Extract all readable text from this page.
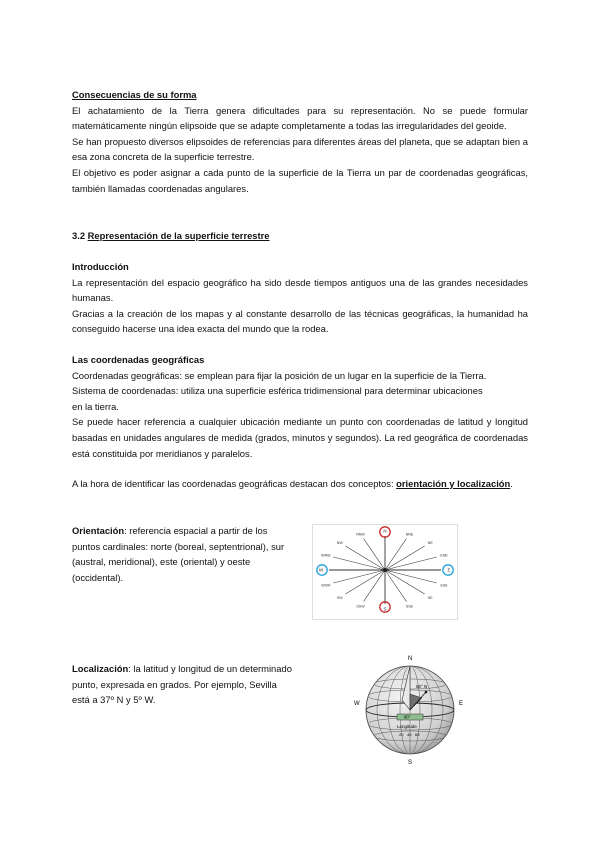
Consecuencias de su forma

El achatamiento de la Tierra genera dificultades para su representación. No se puede formular matemáticamente ningún elipsoide que se adapte completamente a todas las irregularidades del geoide.

Se han propuesto diversos elipsoides de referencias para diferentes áreas del planeta, que se adaptan bien a esa zona concreta de la superficie terrestre.

El objetivo es poder asignar a cada punto de la superficie de la Tierra un par de coordenadas geográficas, también llamadas coordenadas angulares.

3.2 Representación de la superficie terrestre

Introducción

La representación del espacio geográfico ha sido desde tiempos antiguos una de las grandes necesidades humanas.

Gracias a la creación de los mapas y al constante desarrollo de las técnicas geográficas, la humanidad ha conseguido hacerse una idea exacta del mundo que la rodea.

Las coordenadas geográficas

Coordenadas geográficas: se emplean para fijar la posición de un lugar en la superficie de la Tierra.

Sistema de coordenadas: utiliza una superficie esférica tridimensional para determinar ubicaciones

en la tierra.

Se puede hacer referencia a cualquier ubicación mediante un punto con coordenadas de latitud y longitud basadas en unidades angulares de medida (grados, minutos y segundos). La red geográfica de coordenadas está constituida por meridianos y paralelos.

A la hora de identificar las coordenadas geográficas destacan dos conceptos: orientación y localización.
Orientación: referencia espacial a partir de los puntos cardinales: norte (boreal, septentrional), sur (austral, meridional), este (oriental) y oeste (occidental).
N
NNE
NE
ENE
E
ESE
SE
SSE
S
SSW
SW
WSW
W
WNW
NW
NNW
Localización: la latitud y longitud de un determinado punto, expresada en grados. Por ejemplo, Sevilla está a 37º N y 5º W.
N
S
W	E
50° N
80°
Longitude
20 40 60
